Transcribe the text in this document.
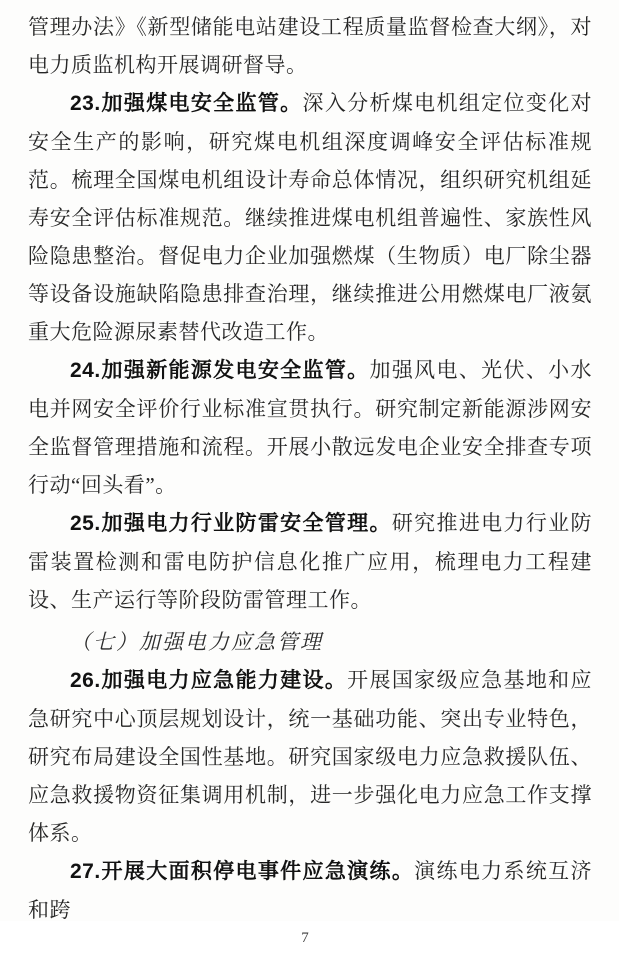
管理办法》《新型储能电站建设工程质量监督检查大纲》，对电力质监机构开展调研督导。

23.加强煤电安全监管。深入分析煤电机组定位变化对安全生产的影响，研究煤电机组深度调峰安全评估标准规范。梳理全国煤电机组设计寿命总体情况，组织研究机组延寿安全评估标准规范。继续推进煤电机组普遍性、家族性风险隐患整治。督促电力企业加强燃煤（生物质）电厂除尘器等设备设施缺陷隐患排查治理，继续推进公用燃煤电厂液氨重大危险源尿素替代改造工作。

24.加强新能源发电安全监管。加强风电、光伏、小水电并网安全评价行业标准宣贯执行。研究制定新能源涉网安全监督管理措施和流程。开展小散远发电企业安全排查专项行动“回头看”。

25.加强电力行业防雷安全管理。研究推进电力行业防雷装置检测和雷电防护信息化推广应用，梳理电力工程建设、生产运行等阶段防雷管理工作。

（七）加强电力应急管理

26.加强电力应急能力建设。开展国家级应急基地和应急研究中心顶层规划设计，统一基础功能、突出专业特色，研究布局建设全国性基地。研究国家级电力应急救援队伍、应急救援物资征集调用机制，进一步强化电力应急工作支撑体系。

27.开展大面积停电事件应急演练。演练电力系统互济和跨

7
